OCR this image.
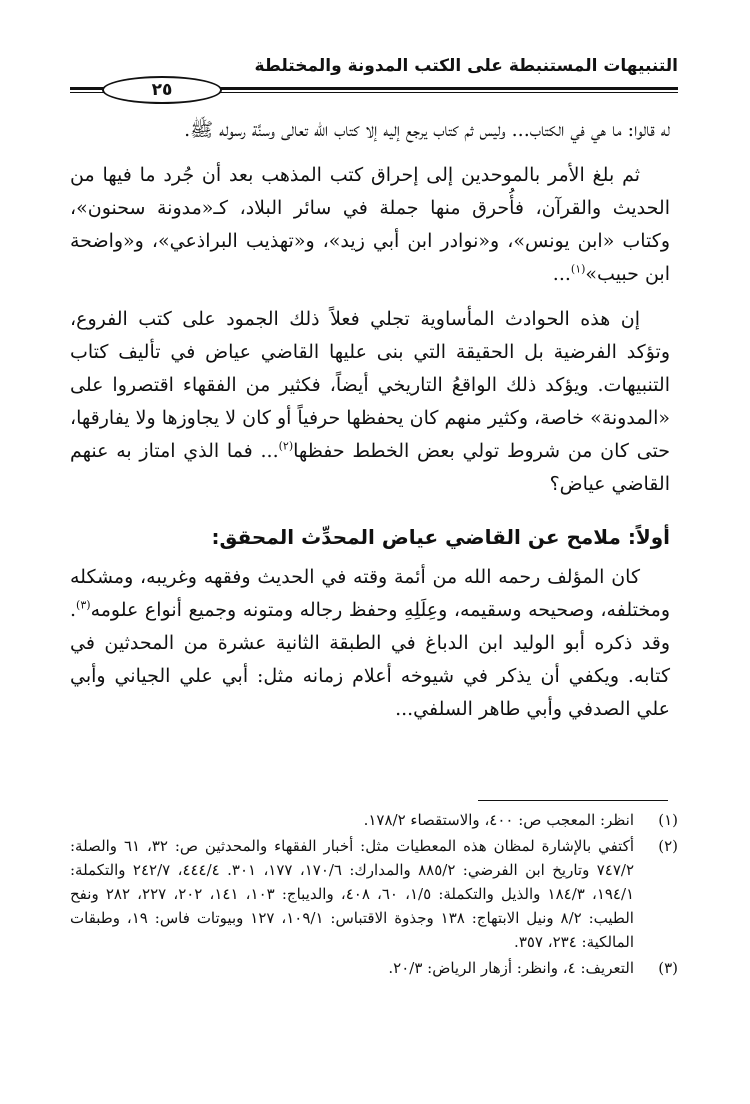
التنبيهات المستنبطة على الكتب المدونة والمختلطة
٢٥

له قالوا: ما هي في الكتاب... وليس ثم كتاب يرجع إليه إلا كتاب الله تعالى وسنَّة رسوله ﷺ.

ثم بلغ الأمر بالموحدين إلى إحراق كتب المذهب بعد أن جُرد ما فيها من الحديث والقرآن، فأُحرق منها جملة في سائر البلاد، كـ«مدونة سحنون»، وكتاب «ابن يونس»، و«نوادر ابن أبي زيد»، و«تهذيب البراذعي»، و«واضحة ابن حبيب»$^{(١)}$...

إن هذه الحوادث المأساوية تجلي فعلاً ذلك الجمود على كتب الفروع، وتؤكد الفرضية بل الحقيقة التي بنى عليها القاضي عياض في تأليف كتاب التنبيهات. ويؤكد ذلك الواقعُ التاريخي أيضاً، فكثير من الفقهاء اقتصروا على «المدونة» خاصة، وكثير منهم كان يحفظها حرفياً أو كان لا يجاوزها ولا يفارقها، حتى كان من شروط تولي بعض الخطط حفظها$^{(٢)}$... فما الذي امتاز به عنهم القاضي عياض؟

أولاً: ملامح عن القاضي عياض المحدِّث المحقق:

كان المؤلف رحمه الله من أئمة وقته في الحديث وفقهه وغريبه، ومشكله ومختلفه، وصحيحه وسقيمه، وعِلَلِهِ وحفظ رجاله ومتونه وجميع أنواع علومه$^{(٣)}$. وقد ذكره أبو الوليد ابن الدباغ في الطبقة الثانية عشرة من المحدثين في كتابه. ويكفي أن يذكر في شيوخه أعلام زمانه مثل: أبي علي الجياني وأبي علي الصدفي وأبي طاهر السلفي...

(١)
انظر: المعجب ص: ٤٠٠، والاستقصاء ١٧٨/٢.
(٢)
أكتفي بالإشارة لمظان هذه المعطيات مثل: أخبار الفقهاء والمحدثين ص: ٣٢، ٦١ والصلة: ٧٤٧/٢ وتاريخ ابن الفرضي: ٨٨٥/٢ والمدارك: ١٧٠/٦، ١٧٧، ٣٠١. ٤٤٤/٤، ٢٤٢/٧ والتكملة: ١٩٤/١، ١٨٤/٣ والذيل والتكملة: ١/٥، ٦٠، ٤٠٨، والديباج: ١٠٣، ١٤١، ٢٠٢، ٢٢٧، ٢٨٢ ونفح الطيب: ٨/٢ ونيل الابتهاج: ١٣٨ وجذوة الاقتباس: ١٠٩/١، ١٢٧ وبيوتات فاس: ١٩، وطبقات المالكية: ٢٣٤، ٣٥٧.
(٣)
التعريف: ٤، وانظر: أزهار الرياض: ٢٠/٣.
